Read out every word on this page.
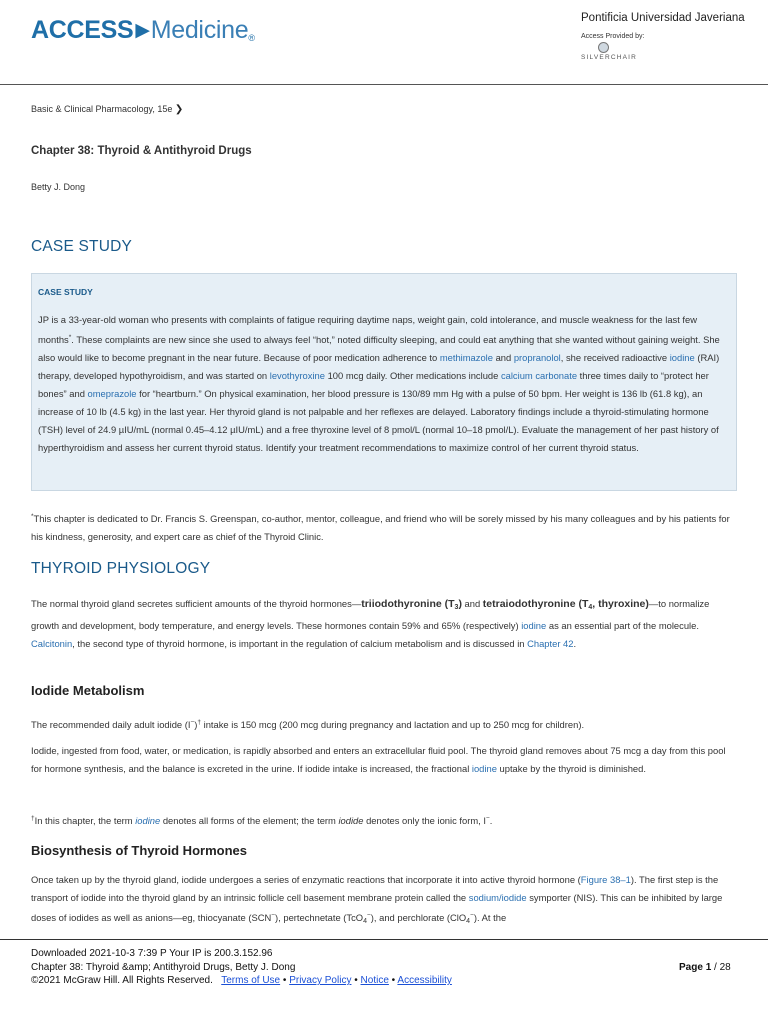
ACCESS ▶Medicine®
Pontificia Universidad Javeriana
Access Provided by:
SILVERCHAIR
Basic & Clinical Pharmacology, 15e ❯
Chapter 38: Thyroid & Antithyroid Drugs
Betty J. Dong
CASE STUDY
CASE STUDY
JP is a 33-year-old woman who presents with complaints of fatigue requiring daytime naps, weight gain, cold intolerance, and muscle weakness for the last few months*. These complaints are new since she used to always feel “hot,” noted difficulty sleeping, and could eat anything that she wanted without gaining weight. She also would like to become pregnant in the near future. Because of poor medication adherence to methimazole and propranolol, she received radioactive iodine (RAI) therapy, developed hypothyroidism, and was started on levothyroxine 100 mcg daily. Other medications include calcium carbonate three times daily to “protect her bones” and omeprazole for “heartburn.” On physical examination, her blood pressure is 130/89 mm Hg with a pulse of 50 bpm. Her weight is 136 lb (61.8 kg), an increase of 10 lb (4.5 kg) in the last year. Her thyroid gland is not palpable and her reflexes are delayed. Laboratory findings include a thyroid-stimulating hormone (TSH) level of 24.9 µIU/mL (normal 0.45–4.12 µIU/mL) and a free thyroxine level of 8 pmol/L (normal 10–18 pmol/L). Evaluate the management of her past history of hyperthyroidism and assess her current thyroid status. Identify your treatment recommendations to maximize control of her current thyroid status.
*This chapter is dedicated to Dr. Francis S. Greenspan, co-author, mentor, colleague, and friend who will be sorely missed by his many colleagues and by his patients for his kindness, generosity, and expert care as chief of the Thyroid Clinic.
THYROID PHYSIOLOGY
The normal thyroid gland secretes sufficient amounts of the thyroid hormones—triiodothyronine $(T_3)$ and tetraiodothyronine ($T_4$, thyroxine)—to normalize growth and development, body temperature, and energy levels. These hormones contain 59% and 65% (respectively) iodine as an essential part of the molecule. Calcitonin, the second type of thyroid hormone, is important in the regulation of calcium metabolism and is discussed in Chapter 42.
Iodide Metabolism
The recommended daily adult iodide (I−)† intake is 150 mcg (200 mcg during pregnancy and lactation and up to 250 mcg for children).
Iodide, ingested from food, water, or medication, is rapidly absorbed and enters an extracellular fluid pool. The thyroid gland removes about 75 mcg a day from this pool for hormone synthesis, and the balance is excreted in the urine. If iodide intake is increased, the fractional iodine uptake by the thyroid is diminished.
†In this chapter, the term iodine denotes all forms of the element; the term iodide denotes only the ionic form, I−.
Biosynthesis of Thyroid Hormones
Once taken up by the thyroid gland, iodide undergoes a series of enzymatic reactions that incorporate it into active thyroid hormone (Figure 38–1). The first step is the transport of iodide into the thyroid gland by an intrinsic follicle cell basement membrane protein called the sodium/iodide symporter (NIS). This can be inhibited by large doses of iodides as well as anions—eg, thiocyanate (SCN−), pertechnetate (TcO$_4$−), and perchlorate (ClO$_4$−). At the
Downloaded 2021-10-3 7:39 P Your IP is 200.3.152.96
Chapter 38: Thyroid &amp; Antithyroid Drugs, Betty J. Dong
©2021 McGraw Hill. All Rights Reserved. Terms of Use • Privacy Policy • Notice • Accessibility
Page 1 / 28
